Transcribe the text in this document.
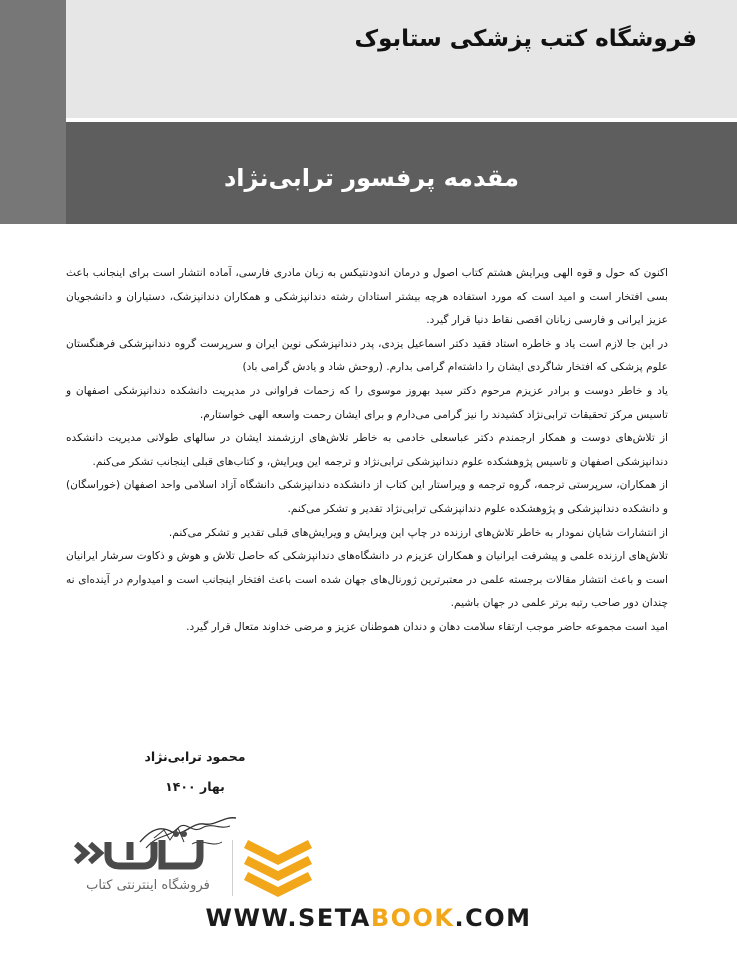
فروشگاه کتب پزشکی ستابوک
مقدمه پرفسور ترابی‌نژاد

اکنون که حول و قوه الهی ویرایش هشتم کتاب اصول و درمان اندودنتیکس به زبان مادری فارسی، آماده انتشار است برای اینجانب باعث بسی افتخار است و امید است که مورد استفاده هرچه بیشتر استادان رشته دندانپزشکی و همکاران دندانپزشک، دستیاران و دانشجویان عزیز ایرانی و فارسی زبانان اقصی نقاط دنیا قرار گیرد.

در این جا لازم است یاد و خاطره استاد فقید دکتر اسماعیل یزدی، پدر دندانپزشکی نوین ایران و سرپرست گروه دندانپزشکی فرهنگستان علوم پزشکی که افتخار شاگردی ایشان را داشته‌ام گرامی بدارم. (روحش شاد و یادش گرامی باد)

یاد و خاطر دوست و برادر عزیزم مرحوم دکتر سید بهروز موسوی را که زحمات فراوانی در مدیریت دانشکده دندانپزشکی اصفهان و تاسیس مرکز تحقیقات ترابی‌نژاد کشیدند را نیز گرامی می‌دارم و برای ایشان رحمت واسعه الهی خواستارم.

از تلاش‌های دوست و همکار ارجمندم دکتر عباسعلی خادمی به خاطر تلاش‌های ارزشمند ایشان در سالهای طولانی مدیریت دانشکده دندانپزشکی اصفهان و تاسیس پژوهشکده علوم دندانپزشکی ترابی‌نژاد و ترجمه این ویرایش، و کتاب‌های قبلی اینجانب تشکر می‌کنم.

از همکاران، سرپرستی ترجمه، گروه ترجمه و ویراستار این کتاب از دانشکده دندانپزشکی دانشگاه آزاد اسلامی واحد اصفهان (خوراسگان) و دانشکده دندانپزشکی و پژوهشکده علوم دندانپزشکی ترابی‌نژاد تقدیر و تشکر می‌کنم.

از انتشارات شایان نمودار به خاطر تلاش‌های ارزنده در چاپ این ویرایش و ویرایش‌های قبلی تقدیر و تشکر می‌کنم.

تلاش‌های ارزنده علمی و پیشرفت ایرانیان و همکاران عزیزم در دانشگاه‌های دندانپزشکی که حاصل تلاش و هوش و ذکاوت سرشار ایرانیان است و باعث انتشار مقالات برجسته علمی در معتبرترین ژورنال‌های جهان شده است باعث افتخار اینجانب است و امیدوارم در آینده‌ای نه چندان دور صاحب رتبه برتر علمی در جهان باشیم.

امید است مجموعه حاضر موجب ارتقاء سلامت دهان و دندان هموطنان عزیز و مرضی خداوند متعال قرار گیرد.

محمود ترابی‌نژاد
بهار ۱۴۰۰
فروشگاه اینترنتی کتاب
WWW.SETABOOK.COM
